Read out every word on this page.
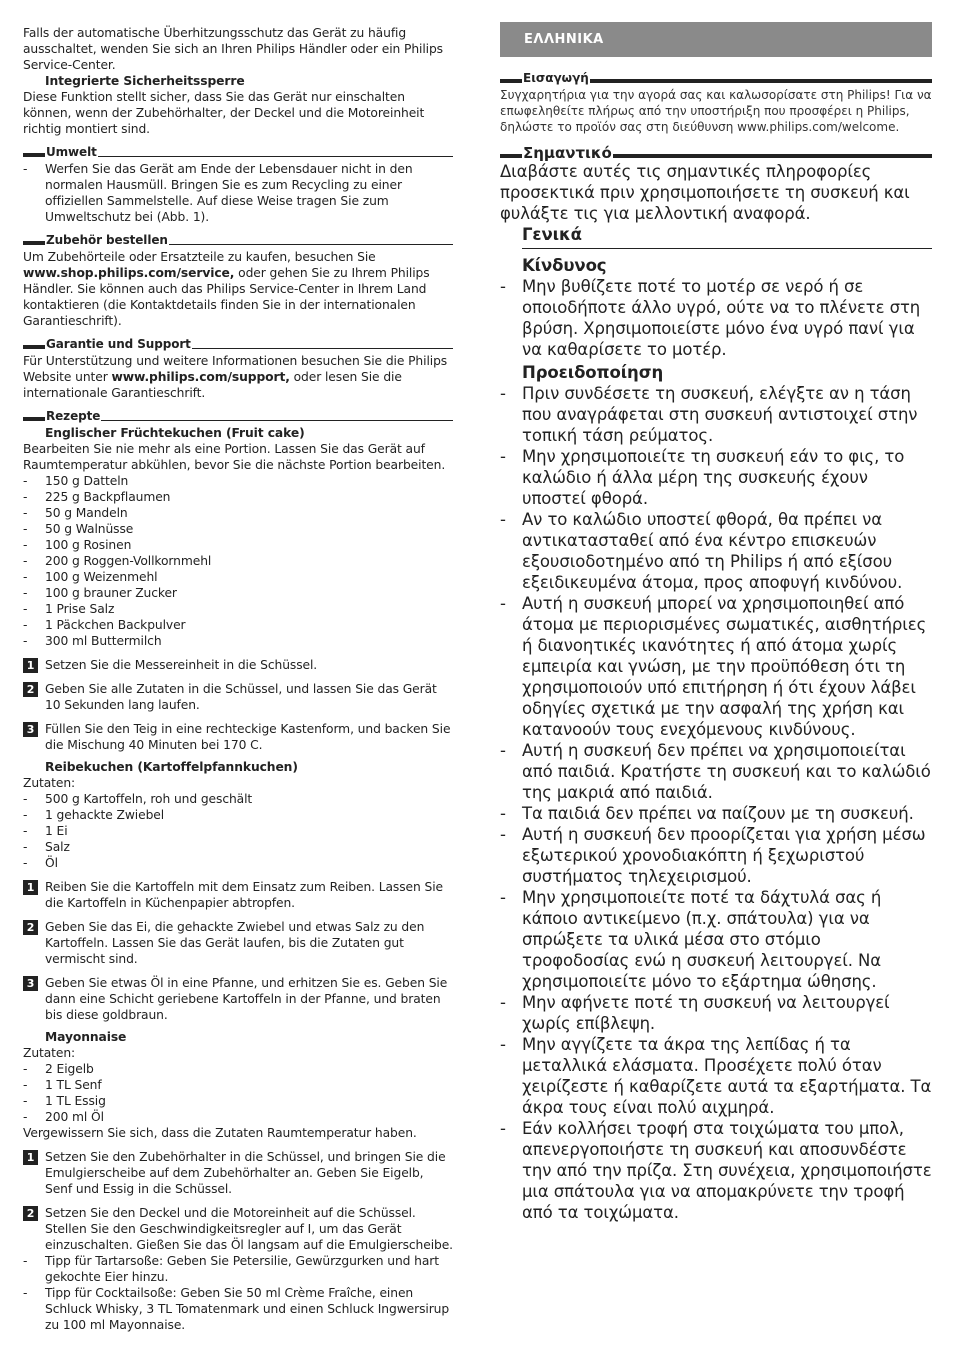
Falls der automatische Überhitzungsschutz das Gerät zu häufig ausschaltet, wenden Sie sich an Ihren Philips Händler oder ein Philips Service-Center.

Integrierte Sicherheitssperre

Diese Funktion stellt sicher, dass Sie das Gerät nur einschalten können, wenn der Zubehörhalter, der Deckel und die Motoreinheit richtig montiert sind.

Umwelt
- Werfen Sie das Gerät am Ende der Lebensdauer nicht in den normalen Hausmüll. Bringen Sie es zum Recycling zu einer offiziellen Sammelstelle. Auf diese Weise tragen Sie zum Umweltschutz bei (Abb. 1).
Zubehör bestellen

Um Zubehörteile oder Ersatzteile zu kaufen, besuchen Sie
www.shop.philips.com/service, oder gehen Sie zu Ihrem Philips Händler. Sie können auch das Philips Service-Center in Ihrem Land kontaktieren (die Kontaktdetails finden Sie in der internationalen Garantieschrift).

Garantie und Support

Für Unterstützung und weitere Informationen besuchen Sie die Philips Website unter www.philips.com/support, oder lesen Sie die internationale Garantieschrift.

Rezepte

Englischer Früchtekuchen (Fruit cake)

Bearbeiten Sie nie mehr als eine Portion. Lassen Sie das Gerät auf Raumtemperatur abkühlen, bevor Sie die nächste Portion bearbeiten.

- 150 g Datteln
- 225 g Backpflaumen
- 50 g Mandeln
- 50 g Walnüsse
- 100 g Rosinen
- 200 g Roggen-Vollkornmehl
- 100 g Weizenmehl
- 100 g brauner Zucker
- 1 Prise Salz
- 1 Päckchen Backpulver
- 300 ml Buttermilch
1 Setzen Sie die Messereinheit in die Schüssel.
2 Geben Sie alle Zutaten in die Schüssel, und lassen Sie das Gerät 10 Sekunden lang laufen.
3 Füllen Sie den Teig in eine rechteckige Kastenform, und backen Sie die Mischung 40 Minuten bei 170 C.

Reibekuchen (Kartoffelpfannkuchen)

Zutaten:

- 500 g Kartoffeln, roh und geschält
- 1 gehackte Zwiebel
- 1 Ei
- Salz
- Öl
1 Reiben Sie die Kartoffeln mit dem Einsatz zum Reiben. Lassen Sie die Kartoffeln in Küchenpapier abtropfen.
2 Geben Sie das Ei, die gehackte Zwiebel und etwas Salz zu den Kartoffeln. Lassen Sie das Gerät laufen, bis die Zutaten gut vermischt sind.
3 Geben Sie etwas Öl in eine Pfanne, und erhitzen Sie es. Geben Sie dann eine Schicht geriebene Kartoffeln in der Pfanne, und braten bis diese goldbraun.

Mayonnaise

Zutaten:

- 2 Eigelb
- 1 TL Senf
- 1 TL Essig
- 200 ml Öl

Vergewissern Sie sich, dass die Zutaten Raumtemperatur haben.

1 Setzen Sie den Zubehörhalter in die Schüssel, und bringen Sie die Emulgierscheibe auf dem Zubehörhalter an. Geben Sie Eigelb, Senf und Essig in die Schüssel.
2 Setzen Sie den Deckel und die Motoreinheit auf die Schüssel. Stellen Sie den Geschwindigkeitsregler auf I, um das Gerät einzuschalten. Gießen Sie das Öl langsam auf die Emulgierscheibe.
- Tipp für Tartarsoße: Geben Sie Petersilie, Gewürzgurken und hart gekochte Eier hinzu.
- Tipp für Cocktailsoße: Geben Sie 50 ml Crème Fraîche, einen Schluck Whisky, 3 TL Tomatenmark und einen Schluck Ingwersirup zu 100 ml Mayonnaise.
ΕΛΛΗΝΙΚΑ
Εισαγωγή

Συγχαρητήρια για την αγορά σας και καλωσορίσατε στη Philips! Για να επωφεληθείτε πλήρως από την υποστήριξη που προσφέρει η Philips, δηλώστε το προϊόν σας στη διεύθυνση www.philips.com/welcome.

Σημαντικό

Διαβάστε αυτές τις σημαντικές πληροφορίες προσεκτικά πριν χρησιμοποιήσετε τη συσκευή και φυλάξτε τις για μελλοντική αναφορά.

Γενικά

Κίνδυνος

- Μην βυθίζετε ποτέ το μοτέρ σε νερό ή σε οποιοδήποτε άλλο υγρό, ούτε να το πλένετε στη βρύση. Χρησιμοποιείστε μόνο ένα υγρό πανί για να καθαρίσετε το μοτέρ.

Προειδοποίηση

- Πριν συνδέσετε τη συσκευή, ελέγξτε αν η τάση που αναγράφεται στη συσκευή αντιστοιχεί στην τοπική τάση ρεύματος.
- Μην χρησιμοποιείτε τη συσκευή εάν το φις, το καλώδιο ή άλλα μέρη της συσκευής έχουν υποστεί φθορά.
- Αν το καλώδιο υποστεί φθορά, θα πρέπει να αντικατασταθεί από ένα κέντρο επισκευών εξουσιοδοτημένο από τη Philips ή από εξίσου εξειδικευμένα άτομα, προς αποφυγή κινδύνου.
- Αυτή η συσκευή μπορεί να χρησιμοποιηθεί από άτομα με περιορισμένες σωματικές, αισθητήριες ή διανοητικές ικανότητες ή από άτομα χωρίς εμπειρία και γνώση, με την προϋπόθεση ότι τη χρησιμοποιούν υπό επιτήρηση ή ότι έχουν λάβει οδηγίες σχετικά με την ασφαλή της χρήση και κατανοούν τους ενεχόμενους κινδύνους.
- Αυτή η συσκευή δεν πρέπει να χρησιμοποιείται από παιδιά. Κρατήστε τη συσκευή και το καλώδιό της μακριά από παιδιά.
- Τα παιδιά δεν πρέπει να παίζουν με τη συσκευή.
- Αυτή η συσκευή δεν προορίζεται για χρήση μέσω εξωτερικού χρονοδιακόπτη ή ξεχωριστού συστήματος τηλεχειρισμού.
- Μην χρησιμοποιείτε ποτέ τα δάχτυλά σας ή κάποιο αντικείμενο (π.χ. σπάτουλα) για να σπρώξετε τα υλικά μέσα στο στόμιο τροφοδοσίας ενώ η συσκευή λειτουργεί. Να χρησιμοποιείτε μόνο το εξάρτημα ώθησης.
- Μην αφήνετε ποτέ τη συσκευή να λειτουργεί χωρίς επίβλεψη.
- Μην αγγίζετε τα άκρα της λεπίδας ή τα μεταλλικά ελάσματα. Προσέχετε πολύ όταν χειρίζεστε ή καθαρίζετε αυτά τα εξαρτήματα. Τα άκρα τους είναι πολύ αιχμηρά.
- Εάν κολλήσει τροφή στα τοιχώματα του μπολ, απενεργοποιήστε τη συσκευή και αποσυνδέστε την από την πρίζα. Στη συνέχεια, χρησιμοποιήστε μια σπάτουλα για να απομακρύνετε την τροφή από τα τοιχώματα.
